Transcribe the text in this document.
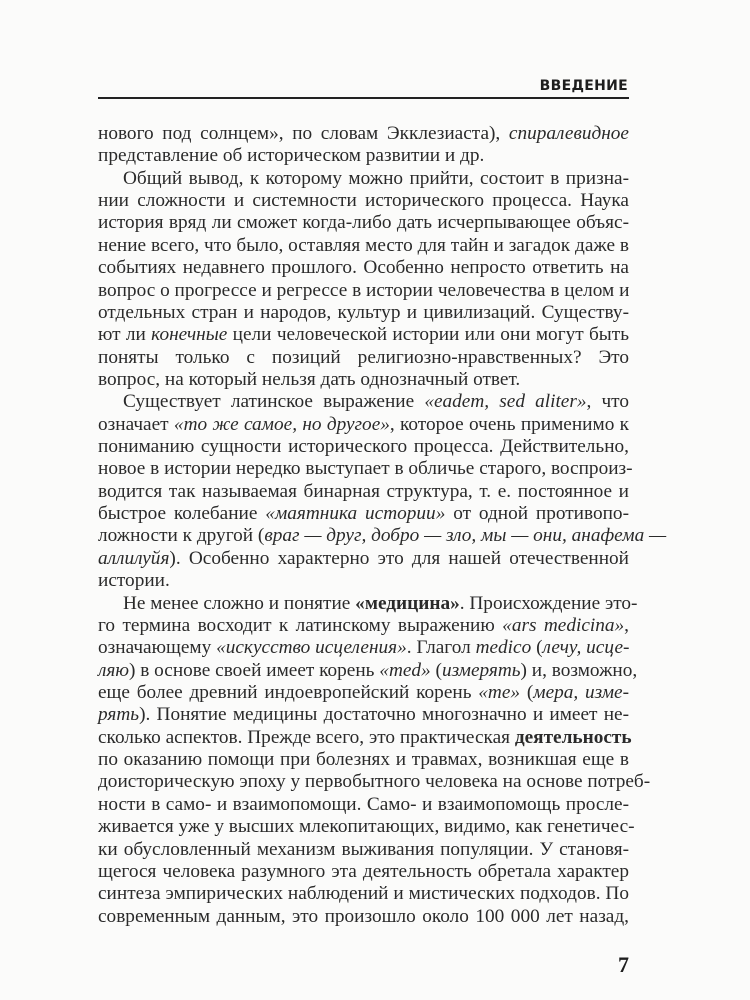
ВВЕДЕНИЕ
нового под солнцем», по словам Экклезиаста), спиралевидное
представление об историческом развитии и др.
Общий вывод, к которому можно прийти, состоит в призна-
нии сложности и системности исторического процесса. Наука
история вряд ли сможет когда-либо дать исчерпывающее объяс-
нение всего, что было, оставляя место для тайн и загадок даже в
событиях недавнего прошлого. Особенно непросто ответить на
вопрос о прогрессе и регрессе в истории человечества в целом и
отдельных стран и народов, культур и цивилизаций. Существу-
ют ли конечные цели человеческой истории или они могут быть
поняты только с позиций религиозно-нравственных? Это
вопрос, на который нельзя дать однозначный ответ.
Существует латинское выражение «eadem, sed aliter», что
означает «то же самое, но другое», которое очень применимо к
пониманию сущности исторического процесса. Действительно,
новое в истории нередко выступает в обличье старого, воспроиз-
водится так называемая бинарная структура, т. е. постоянное и
быстрое колебание «маятника истории» от одной противопо-
ложности к другой (враг — друг, добро — зло, мы — они, анафема —
аллилуйя). Особенно характерно это для нашей отечественной
истории.
Не менее сложно и понятие «медицина». Происхождение это-
го термина восходит к латинскому выражению «ars medicina»,
означающему «искусство исцеления». Глагол medico (лечу, исце-
ляю) в основе своей имеет корень «med» (измерять) и, возможно,
еще более древний индоевропейский корень «me» (мера, изме-
рять). Понятие медицины достаточно многозначно и имеет не-
сколько аспектов. Прежде всего, это практическая деятельность
по оказанию помощи при болезнях и травмах, возникшая еще в
доисторическую эпоху у первобытного человека на основе потреб-
ности в само- и взаимопомощи. Само- и взаимопомощь просле-
живается уже у высших млекопитающих, видимо, как генетичес-
ки обусловленный механизм выживания популяции. У становя-
щегося человека разумного эта деятельность обретала характер
синтеза эмпирических наблюдений и мистических подходов. По
современным данным, это произошло около 100 000 лет назад,
7
